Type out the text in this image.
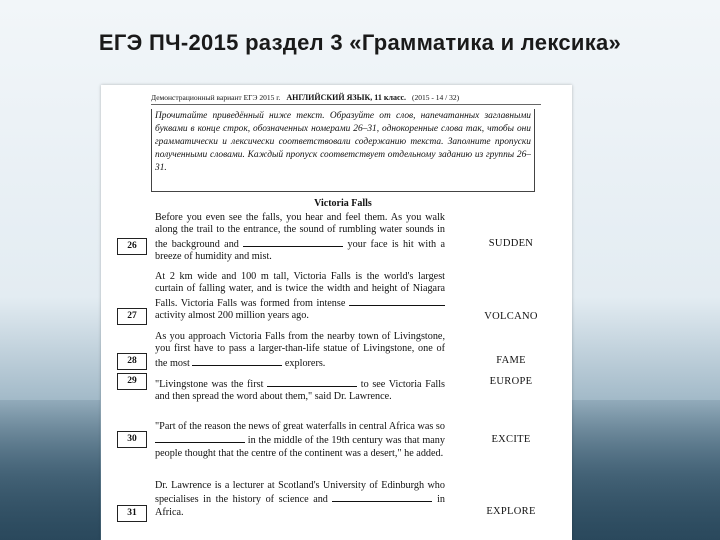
ЕГЭ ПЧ-2015 раздел 3 «Грамматика и лексика»
Демонстрационный вариант ЕГЭ 2015 г. АНГЛИЙСКИЙ ЯЗЫК, 11 класс. (2015 - 14 / 32)
Прочитайте приведённый ниже текст. Образуйте от слов, напечатанных заглавными буквами в конце строк, обозначенных номерами 26–31, однокоренные слова так, чтобы они грамматически и лексически соответствовали содержанию текста. Заполните пропуски полученными словами. Каждый пропуск соответствует отдельному заданию из группы 26–31.
Victoria Falls
Before you even see the falls, you hear and feel them. As you walk along the trail to the entrance, the sound of rumbling water sounds in the background and	your face is hit with a breeze of humidity and mist.
26	SUDDEN
At 2 km wide and 100 m tall, Victoria Falls is the world's largest curtain of falling water, and is twice the width and height of Niagara Falls. Victoria Falls was formed from intense  activity almost 200 million years ago.
27	VOLCANO
As you approach Victoria Falls from the nearby town of Livingstone, you first have to pass a larger-than-life statue of Livingstone, one of the most	explorers.
28	FAME
"Livingstone was the first	to see Victoria Falls and then spread the word about them," said Dr. Lawrence.
29	EUROPE
"Part of the reason the news of great waterfalls in central Africa was so  in the middle of the 19th century was that many people thought that the centre of the continent was a desert," he added.
30	EXCITE
Dr. Lawrence is a lecturer at Scotland's University of Edinburgh who specialises in the history of science and	in Africa.
31	EXPLORE
